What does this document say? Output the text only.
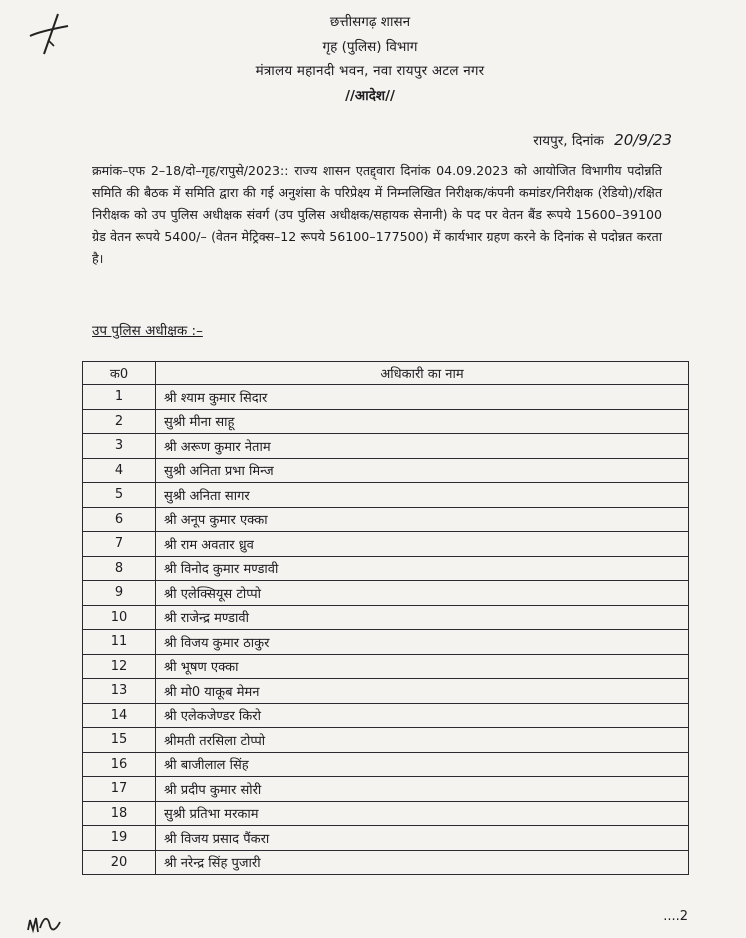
छत्तीसगढ़ शासन
गृह (पुलिस) विभाग
मंत्रालय महानदी भवन, नवा रायपुर अटल नगर
//आदेश//
रायपुर, दिनांक 20/9/23
क्रमांक–एफ 2–18/दो–गृह/रापुसे/2023:: राज्य शासन एतद्द्वारा दिनांक 04.09.2023 को आयोजित विभागीय पदोन्नति समिति की बैठक में समिति द्वारा की गई अनुशंसा के परिप्रेक्ष्य में निम्नलिखित निरीक्षक/कंपनी कमांडर/निरीक्षक (रेडियो)/रक्षित निरीक्षक को उप पुलिस अधीक्षक संवर्ग (उप पुलिस अधीक्षक/सहायक सेनानी) के पद पर वेतन बैंड रूपये 15600–39100 ग्रेड वेतन रूपये 5400/– (वेतन मेट्रिक्स–12 रूपये 56100–177500) में कार्यभार ग्रहण करने के दिनांक से पदोन्नत करता है।
उप पुलिस अधीक्षक :–
क0	अधिकारी का नाम
1	श्री श्याम कुमार सिदार
2	सुश्री मीना साहू
3	श्री अरूण कुमार नेताम
4	सुश्री अनिता प्रभा मिन्ज
5	सुश्री अनिता सागर
6	श्री अनूप कुमार एक्का
7	श्री राम अवतार ध्रुव
8	श्री विनोद कुमार मण्डावी
9	श्री एलेक्सियूस टोप्पो
10	श्री राजेन्द्र मण्डावी
11	श्री विजय कुमार ठाकुर
12	श्री भूषण एक्का
13	श्री मो0 याकूब मेमन
14	श्री एलेकजेण्डर किरो
15	श्रीमती तरसिला टोप्पो
16	श्री बाजीलाल सिंह
17	श्री प्रदीप कुमार सोरी
18	सुश्री प्रतिभा मरकाम
19	श्री विजय प्रसाद पैंकरा
20	श्री नरेन्द्र सिंह पुजारी
....2
